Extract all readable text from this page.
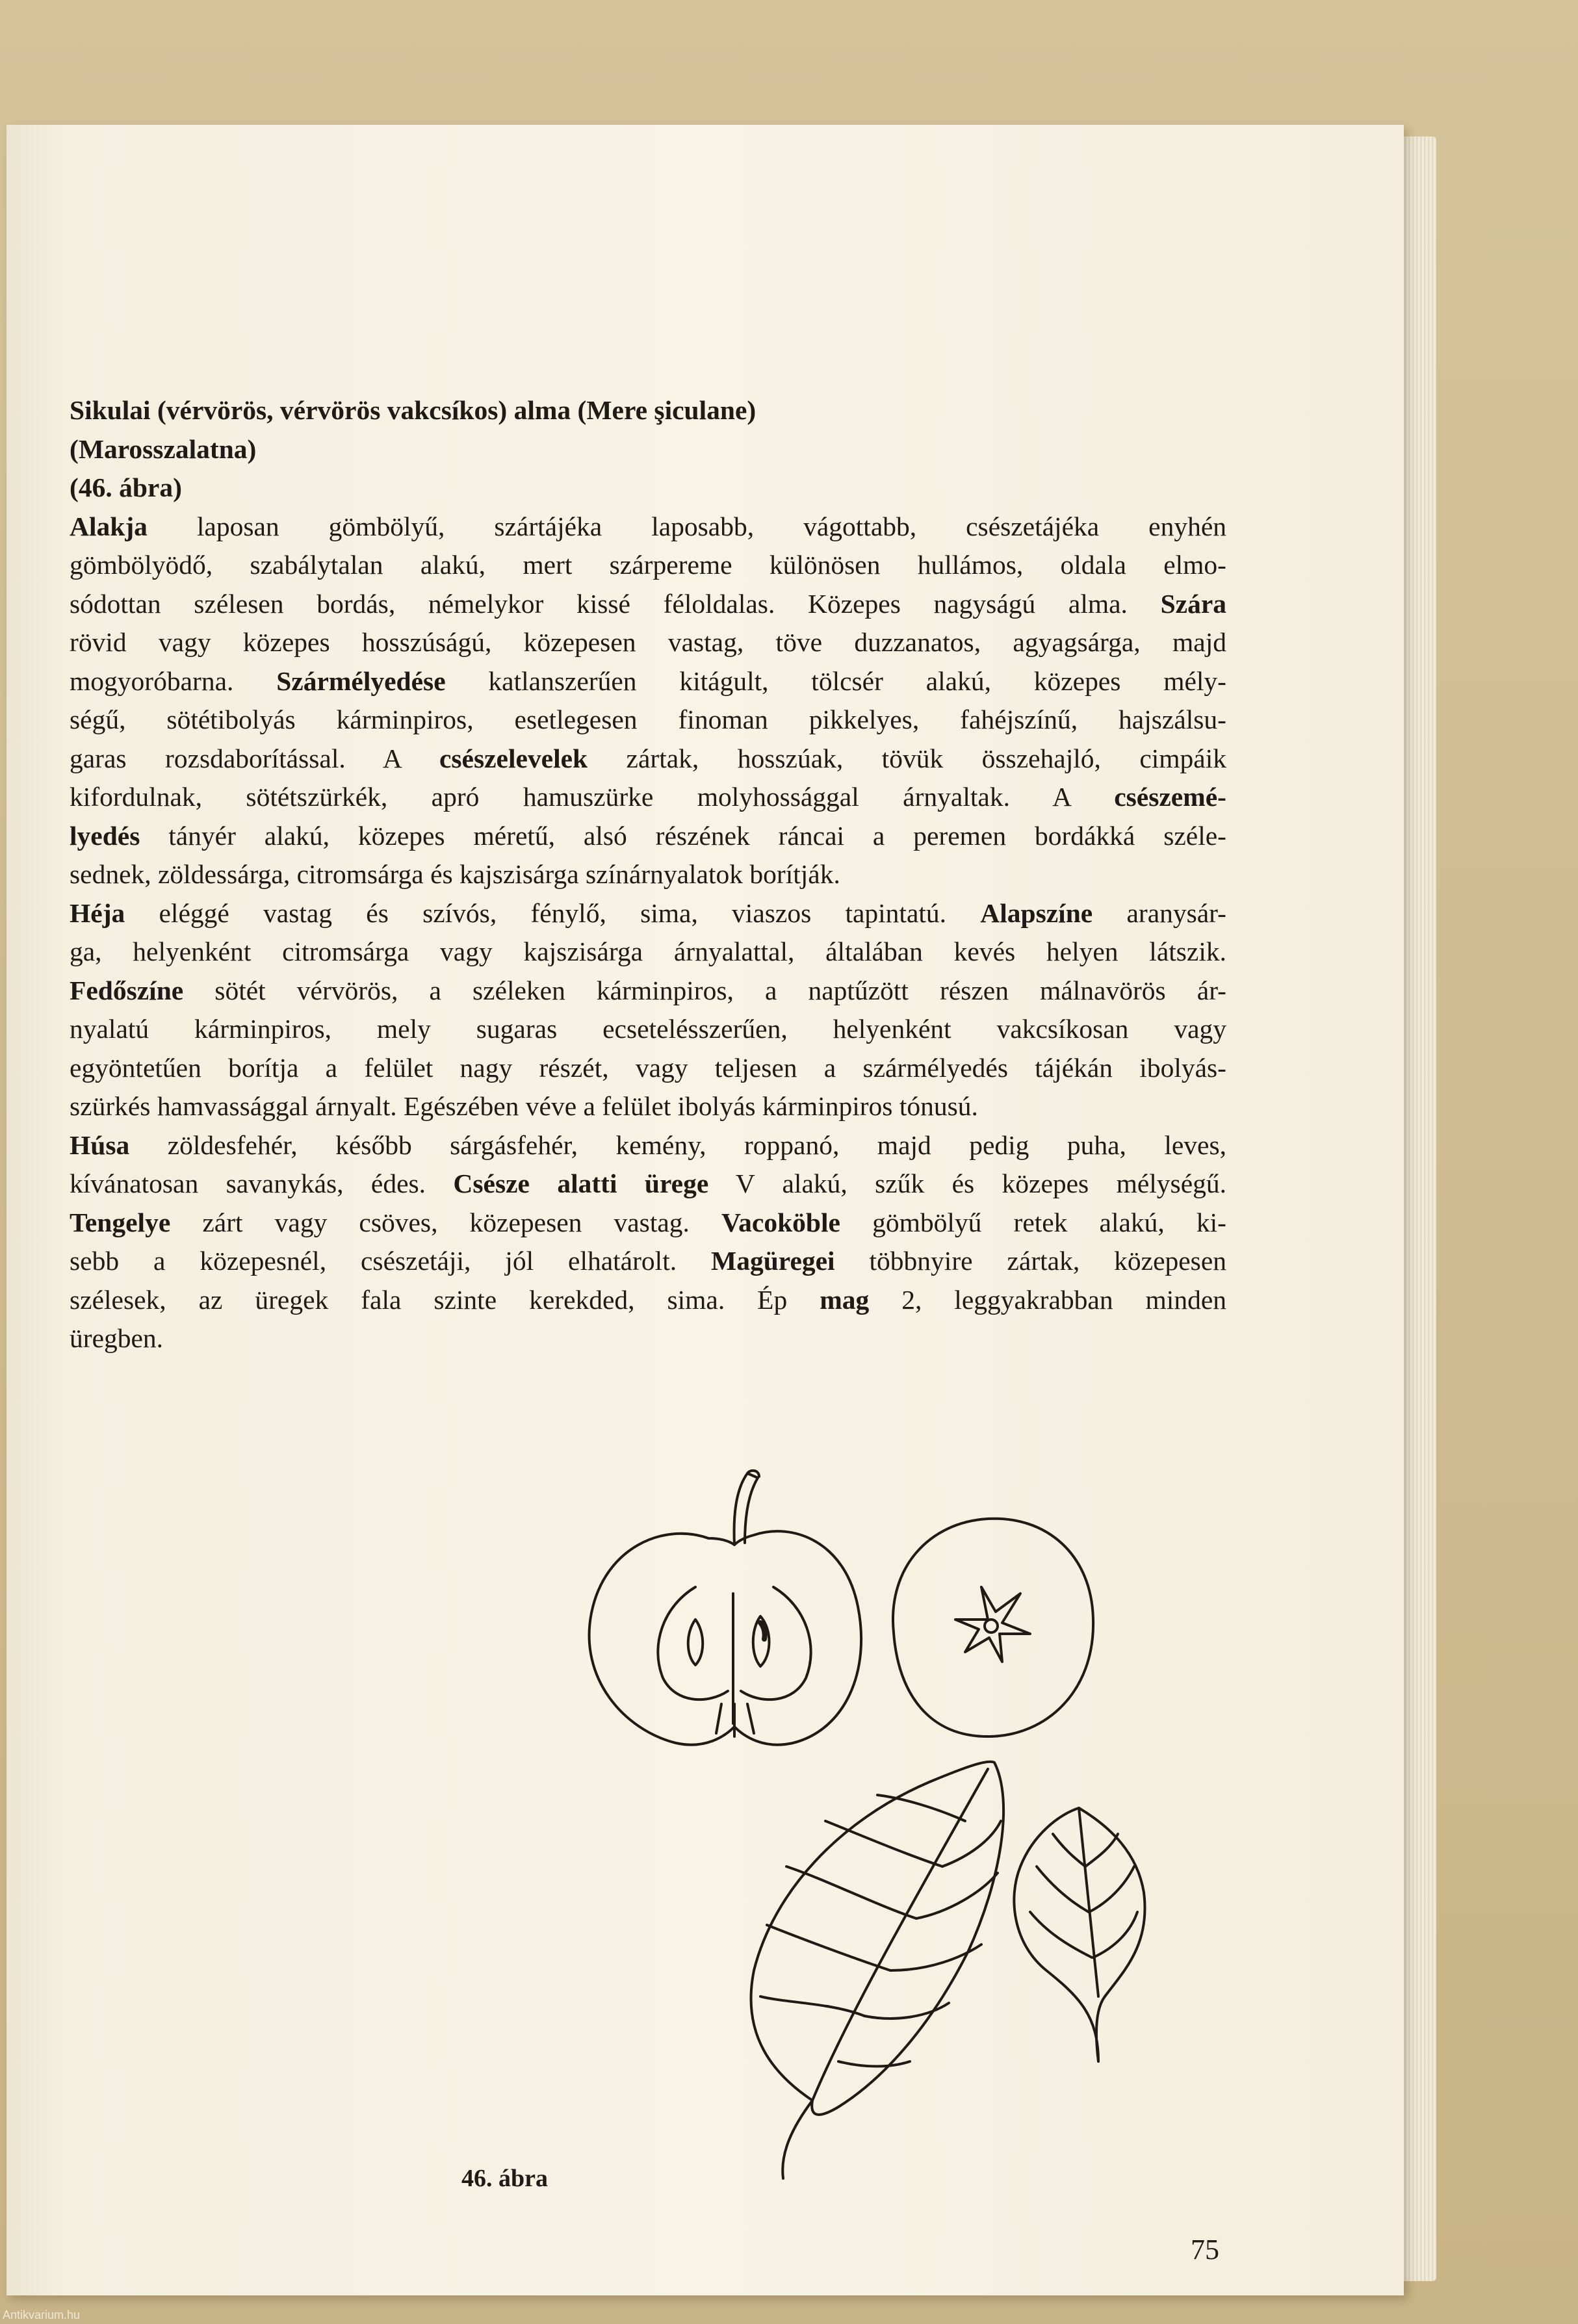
Sikulai (vérvörös, vérvörös vakcsíkos) alma (Mere şiculane)
(Marosszalatna)
(46. ábra)

Alakja laposan gömbölyű, szártájéka laposabb, vágottabb, csészetájéka enyhén
gömbölyödő, szabálytalan alakú, mert szárpereme különösen hullámos, oldala elmo-
sódottan szélesen bordás, némelykor kissé féloldalas. Közepes nagyságú alma. Szára
rövid vagy közepes hosszúságú, közepesen vastag, töve duzzanatos, agyagsárga, majd
mogyoróbarna. Szármélyedése katlanszerűen kitágult, tölcsér alakú, közepes mély-
ségű, sötétibolyás kárminpiros, esetlegesen finoman pikkelyes, fahéjszínű, hajszálsu-
garas rozsdaborítással. A csészelevelek zártak, hosszúak, tövük összehajló, cimpáik
kifordulnak, sötétszürkék, apró hamuszürke molyhossággal árnyaltak. A csészemé-
lyedés tányér alakú, közepes méretű, alsó részének ráncai a peremen bordákká széle-
sednek, zöldessárga, citromsárga és kajszisárga színárnyalatok borítják.
Héja eléggé vastag és szívós, fénylő, sima, viaszos tapintatú. Alapszíne aranysár-
ga, helyenként citromsárga vagy kajszisárga árnyalattal, általában kevés helyen látszik.
Fedőszíne sötét vérvörös, a széleken kárminpiros, a naptűzött részen málnavörös ár-
nyalatú kárminpiros, mely sugaras ecsetelésszerűen, helyenként vakcsíkosan vagy
egyöntetűen borítja a felület nagy részét, vagy teljesen a szármélyedés tájékán ibolyás-
szürkés hamvassággal árnyalt. Egészében véve a felület ibolyás kárminpiros tónusú.
Húsa zöldesfehér, később sárgásfehér, kemény, roppanó, majd pedig puha, leves,
kívánatosan savanykás, édes. Csésze alatti ürege V alakú, szűk és közepes mélységű.
Tengelye zárt vagy csöves, közepesen vastag. Vacoköble gömbölyű retek alakú, ki-
sebb a közepesnél, csészetáji, jól elhatárolt. Magüregei többnyire zártak, közepesen
szélesek, az üregek fala szinte kerekded, sima. Ép mag 2, leggyakrabban minden
üregben.
46. ábra
75
Antikvarium.hu
